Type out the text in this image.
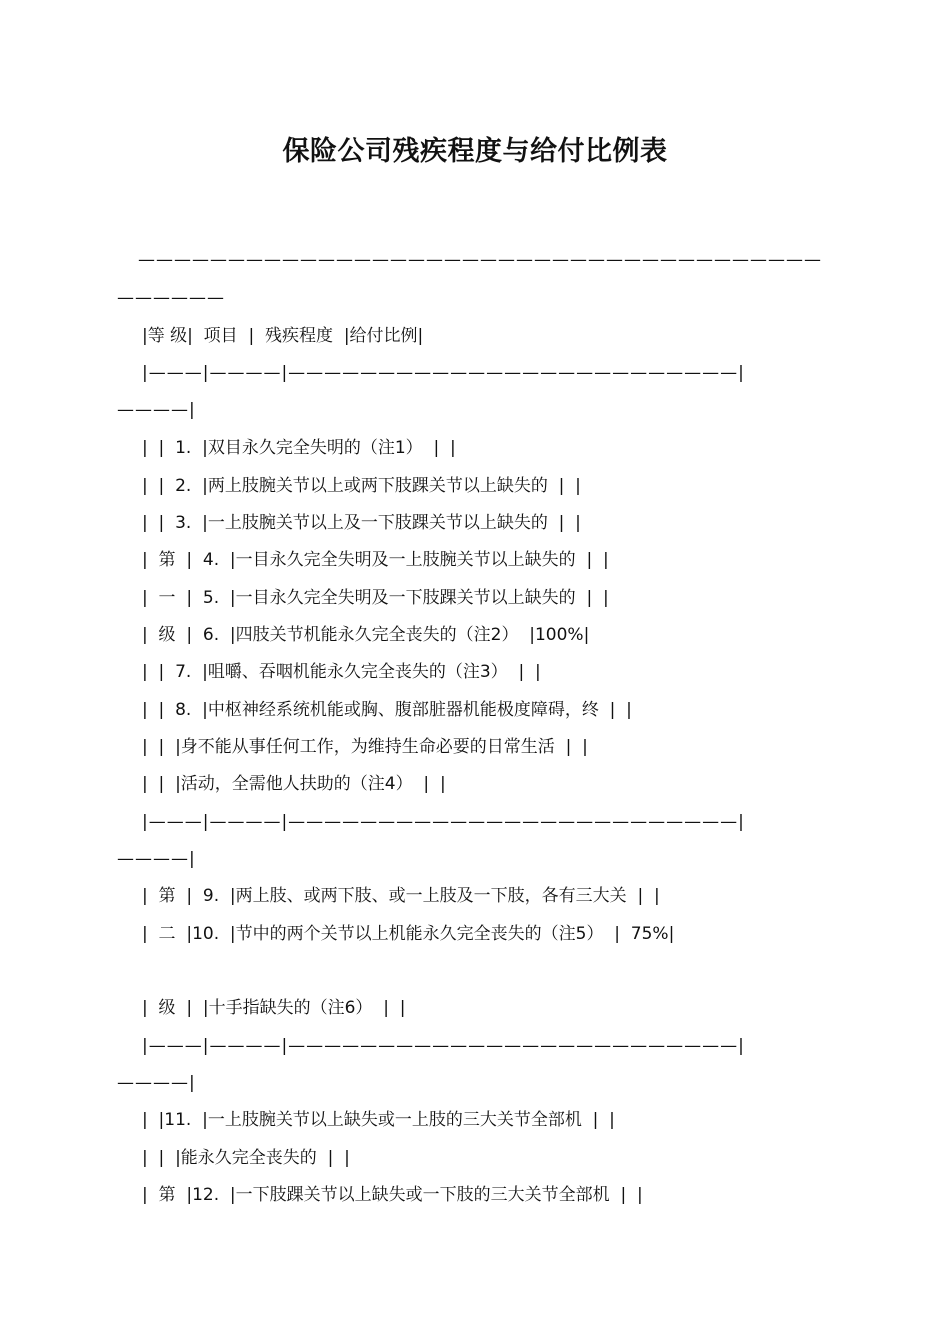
保险公司残疾程度与给付比例表
——————————————————————————————————————
——————
|等 级|  项目  |  残疾程度  |给付比例|
|———|————|—————————————————————————|
————|
|  |  1.  |双目永久完全失明的（注1）  |  |
|  |  2.  |两上肢腕关节以上或两下肢踝关节以上缺失的  |  |
|  |  3.  |一上肢腕关节以上及一下肢踝关节以上缺失的  |  |
|  第  |  4.  |一目永久完全失明及一上肢腕关节以上缺失的  |  |
|  一  |  5.  |一目永久完全失明及一下肢踝关节以上缺失的  |  |
|  级  |  6.  |四肢关节机能永久完全丧失的（注2）  |100%|
|  |  7.  |咀嚼、吞咽机能永久完全丧失的（注3）  |  |
|  |  8.  |中枢神经系统机能或胸、腹部脏器机能极度障碍，终  |  |
|  |  |身不能从事任何工作，为维持生命必要的日常生活  |  |
|  |  |活动，全需他人扶助的（注4）  |  |
|———|————|—————————————————————————|
————|
|  第  |  9.  |两上肢、或两下肢、或一上肢及一下肢，各有三大关  |  |
|  二  |10.  |节中的两个关节以上机能永久完全丧失的（注5）  |  75%|
|  级  |  |十手指缺失的（注6）  |  |
|———|————|—————————————————————————|
————|
|  |11.  |一上肢腕关节以上缺失或一上肢的三大关节全部机  |  |
|  |  |能永久完全丧失的  |  |
|  第  |12.  |一下肢踝关节以上缺失或一下肢的三大关节全部机  |  |
